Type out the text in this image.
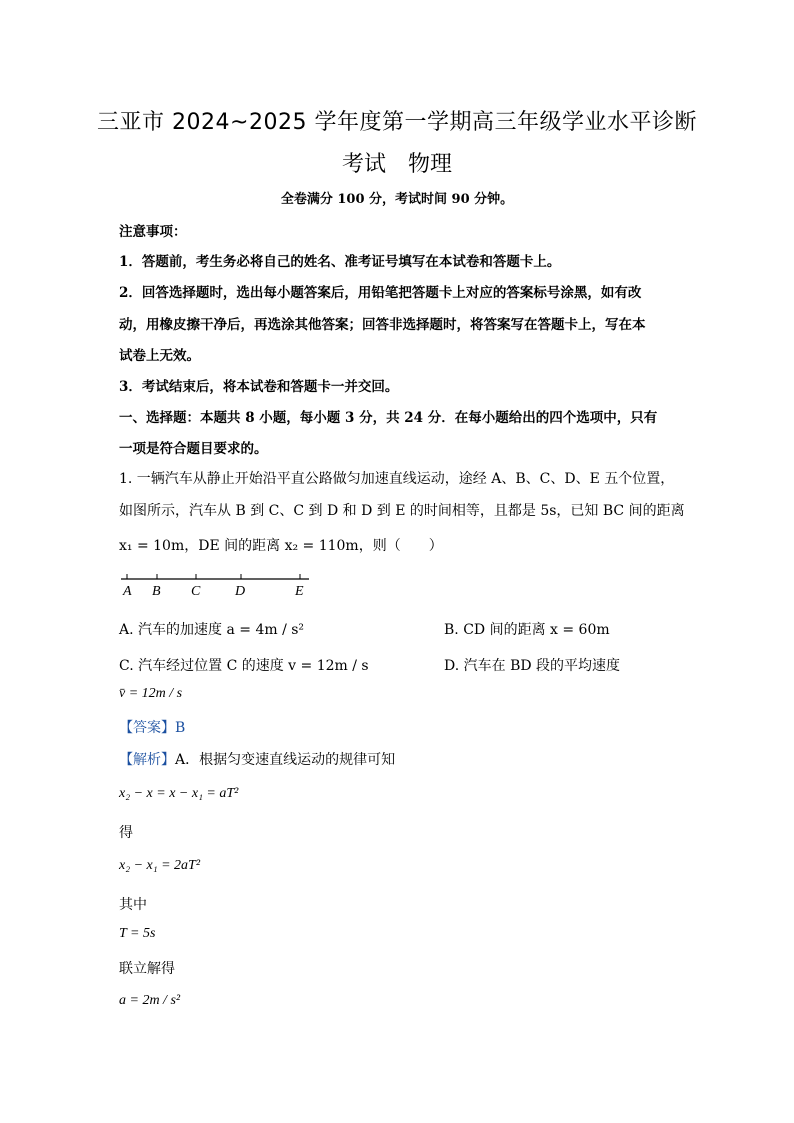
三亚市 2024~2025 学年度第一学期高三年级学业水平诊断
考试　物理
全卷满分 100 分，考试时间 90 分钟。
注意事项：
1．答题前，考生务必将自己的姓名、准考证号填写在本试卷和答题卡上。
2．回答选择题时，选出每小题答案后，用铅笔把答题卡上对应的答案标号涂黑，如有改
动，用橡皮擦干净后，再选涂其他答案；回答非选择题时，将答案写在答题卡上，写在本
试卷上无效。
3．考试结束后，将本试卷和答题卡一并交回。
一、选择题：本题共 8 小题，每小题 3 分，共 24 分．在每小题给出的四个选项中，只有
一项是符合题目要求的。
1. 一辆汽车从静止开始沿平直公路做匀加速直线运动，途经 A、B、C、D、E 五个位置，
如图所示，汽车从 B 到 C、C 到 D 和 D 到 E 的时间相等，且都是 5s，已知 BC 间的距离
x₁ = 10m，DE 间的距离 x₂ = 110m，则（　　）
A B C D	E
A. 汽车的加速度 a = 4m / s²	B. CD 间的距离 x = 60m
C. 汽车经过位置 C 的速度 v = 12m / s	D. 汽车在 BD 段的平均速度
v̄ = 12m / s
【答案】B
【解析】A．根据匀变速直线运动的规律可知
x₂ − x = x − x₁ = aT²
得
x₂ − x₁ = 2aT²
其中
T = 5s
联立解得
a = 2m / s²
